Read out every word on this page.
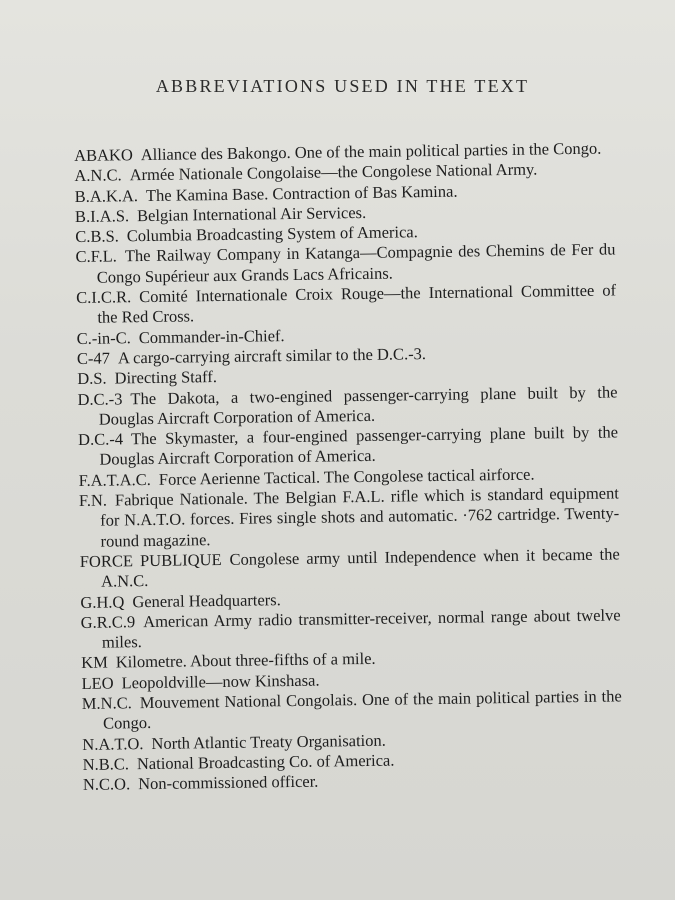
ABBREVIATIONS USED IN THE TEXT

ABAKO Alliance des Bakongo. One of the main political parties in the Congo.

A.N.C. Armée Nationale Congolaise—the Congolese National Army.

B.A.K.A. The Kamina Base. Contraction of Bas Kamina.

B.I.A.S. Belgian International Air Services.

C.B.S. Columbia Broadcasting System of America.

C.F.L. The Railway Company in Katanga—Compagnie des Chemins de Fer du Congo Supérieur aux Grands Lacs Africains.

C.I.C.R. Comité Internationale Croix Rouge—the International Committee of the Red Cross.

C.-in-C. Commander-in-Chief.

C-47 A cargo-carrying aircraft similar to the D.C.-3.

D.S. Directing Staff.

D.C.-3 The Dakota, a two-engined passenger-carrying plane built by the Douglas Aircraft Corporation of America.

D.C.-4 The Skymaster, a four-engined passenger-carrying plane built by the Douglas Aircraft Corporation of America.

F.A.T.A.C. Force Aerienne Tactical. The Congolese tactical airforce.

F.N. Fabrique Nationale. The Belgian F.A.L. rifle which is standard equipment for N.A.T.O. forces. Fires single shots and automatic. ·762 cartridge. Twenty-round magazine.

FORCE PUBLIQUE Congolese army until Independence when it became the A.N.C.

G.H.Q General Headquarters.

G.R.C.9 American Army radio transmitter-receiver, normal range about twelve miles.

KM Kilometre. About three-fifths of a mile.

LEO Leopoldville—now Kinshasa.

M.N.C. Mouvement National Congolais. One of the main political parties in the Congo.

N.A.T.O. North Atlantic Treaty Organisation.

N.B.C. National Broadcasting Co. of America.

N.C.O. Non-commissioned officer.
